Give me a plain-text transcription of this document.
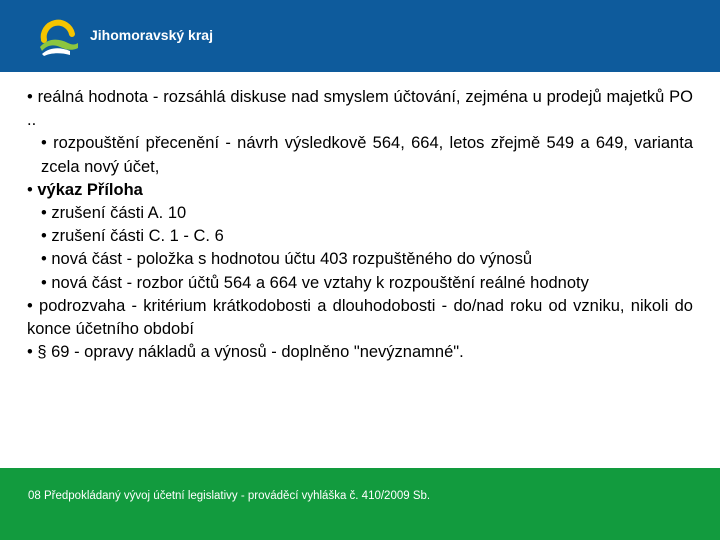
Jihomoravský kraj
• reálná hodnota - rozsáhlá diskuse nad smyslem účtování, zejména u prodejů majetků PO ..
• rozpouštění přecenění - návrh výsledkově 564, 664, letos zřejmě 549 a 649, varianta zcela nový účet,
• výkaz Příloha
• zrušení části A. 10
• zrušení části C. 1 - C. 6
• nová část - položka s hodnotou účtu 403 rozpuštěného do výnosů
• nová část - rozbor účtů 564 a 664 ve vztahy k rozpouštění reálné hodnoty
• podrozvaha - kritérium krátkodobosti a dlouhodobosti - do/nad roku od vzniku, nikoli do konce účetního období
• § 69 - opravy nákladů a výnosů - doplněno "nevýznamné".
08 Předpokládaný vývoj účetní legislativy - prováděcí vyhláška č. 410/2009 Sb.
